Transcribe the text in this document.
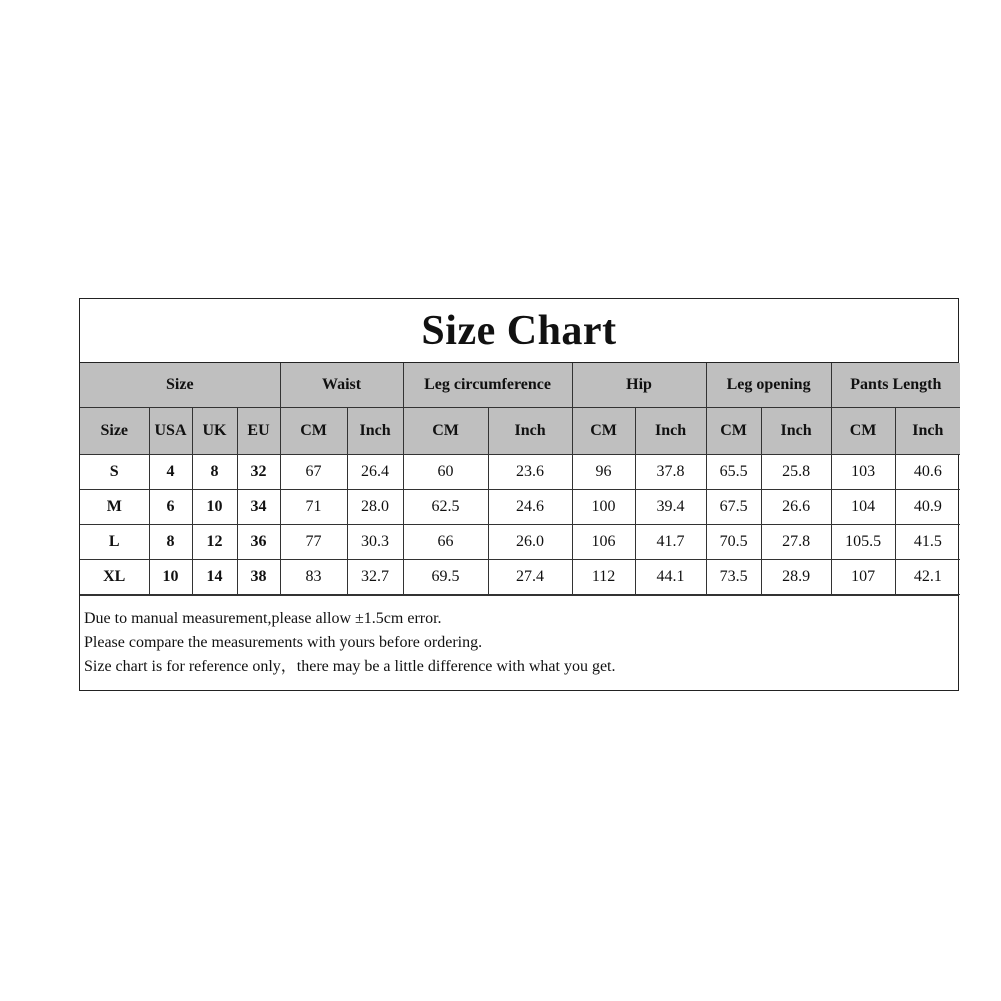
Size Chart
Size				Waist		Leg circumference		Hip		Leg opening		Pants Length	
Size	USA	UK	EU	CM	Inch	CM	Inch	CM	Inch	CM	Inch	CM	Inch
S	4	8	32	67	26.4	60	23.6	96	37.8	65.5	25.8	103	40.6
M	6	10	34	71	28.0	62.5	24.6	100	39.4	67.5	26.6	104	40.9
L	8	12	36	77	30.3	66	26.0	106	41.7	70.5	27.8	105.5	41.5
XL	10	14	38	83	32.7	69.5	27.4	112	44.1	73.5	28.9	107	42.1
Due to manual measurement,please allow ±1.5cm error.
Please compare the measurements with yours before ordering.
Size chart is for reference only，there may be a little difference with what you get.
